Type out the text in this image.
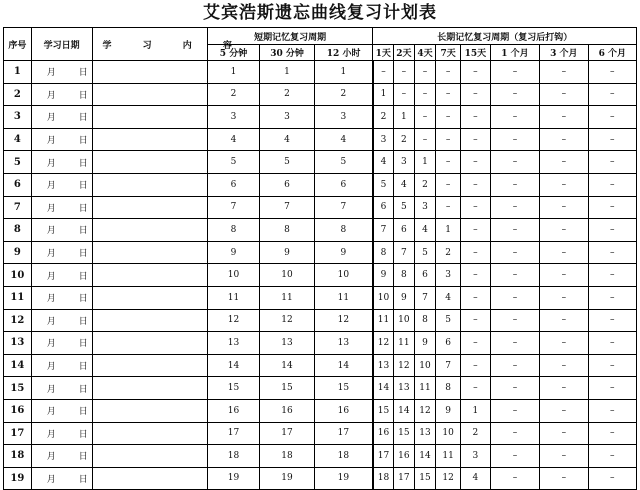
艾宾浩斯遗忘曲线复习计划表
序号	学习日期	学 习 内 容	短期记忆复习周期			长期记忆复习周期（复习后打钩）							
			5 分钟	30 分钟	12 小时	1天	2天	4天	7天	15天	1 个月	3 个月	6 个月
1	月 日		1	1	1	–	–	–	–	–	–	–	–
2	月 日		2	2	2	1	–	–	–	–	–	–	–
3	月 日		3	3	3	2	1	–	–	–	–	–	–
4	月 日		4	4	4	3	2	–	–	–	–	–	–
5	月 日		5	5	5	4	3	1	–	–	–	–	–
6	月 日		6	6	6	5	4	2	–	–	–	–	–
7	月 日		7	7	7	6	5	3	–	–	–	–	–
8	月 日		8	8	8	7	6	4	1	–	–	–	–
9	月 日		9	9	9	8	7	5	2	–	–	–	–
10	月 日		10	10	10	9	8	6	3	–	–	–	–
11	月 日		11	11	11	10	9	7	4	–	–	–	–
12	月 日		12	12	12	11	10	8	5	–	–	–	–
13	月 日		13	13	13	12	11	9	6	–	–	–	–
14	月 日		14	14	14	13	12	10	7	–	–	–	–
15	月 日		15	15	15	14	13	11	8	–	–	–	–
16	月 日		16	16	16	15	14	12	9	1	–	–	–
17	月 日		17	17	17	16	15	13	10	2	–	–	–
18	月 日		18	18	18	17	16	14	11	3	–	–	–
19	月 日		19	19	19	18	17	15	12	4	–	–	–
